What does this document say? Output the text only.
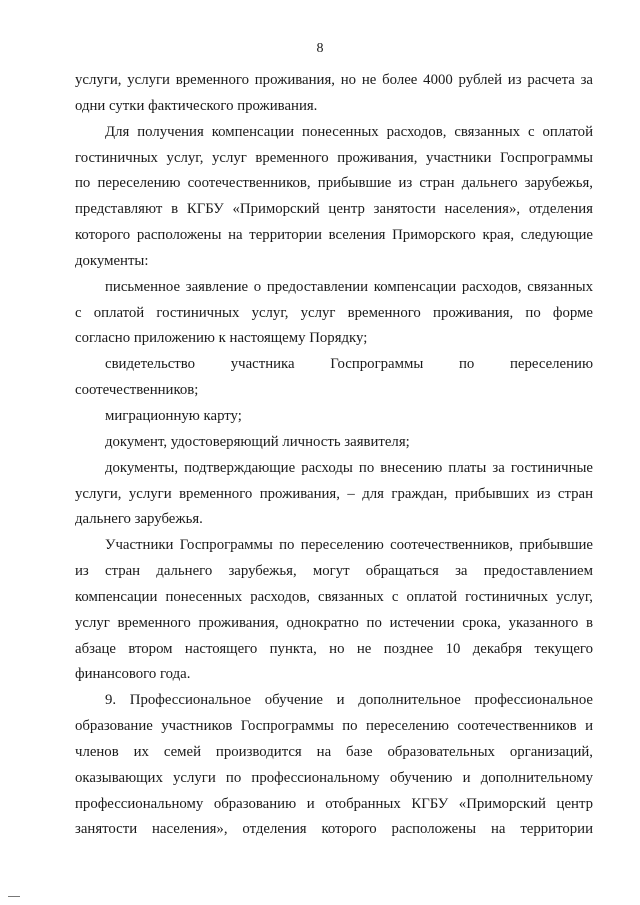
8
услуги, услуги временного проживания, но не более 4000 рублей из расчета за
одни сутки фактического проживания.
Для получения компенсации понесенных расходов, связанных с оплатой
гостиничных услуг, услуг временного проживания, участники Госпрограммы
по переселению соотечественников, прибывшие из стран дальнего зарубежья,
представляют в КГБУ «Приморский центр занятости населения», отделения
которого расположены на территории вселения Приморского края, следующие
документы:
письменное заявление о предоставлении компенсации расходов, связанных
с оплатой гостиничных услуг, услуг временного проживания, по форме
согласно приложению к настоящему Порядку;
свидетельство участника Госпрограммы по переселению
соотечественников;
миграционную карту;
документ, удостоверяющий личность заявителя;
документы, подтверждающие расходы по внесению платы за гостиничные
услуги, услуги временного проживания, – для граждан, прибывших из стран
дальнего зарубежья.
Участники Госпрограммы по переселению соотечественников, прибывшие
из стран дальнего зарубежья, могут обращаться за предоставлением
компенсации понесенных расходов, связанных с оплатой гостиничных услуг,
услуг временного проживания, однократно по истечении срока, указанного в
абзаце втором настоящего пункта, но не позднее 10 декабря текущего
финансового года.
9. Профессиональное обучение и дополнительное профессиональное
образование участников Госпрограммы по переселению соотечественников и
членов их семей производится на базе образовательных организаций,
оказывающих услуги по профессиональному обучению и дополнительному
профессиональному образованию и отобранных КГБУ «Приморский центр
занятости населения», отделения которого расположены на территории
